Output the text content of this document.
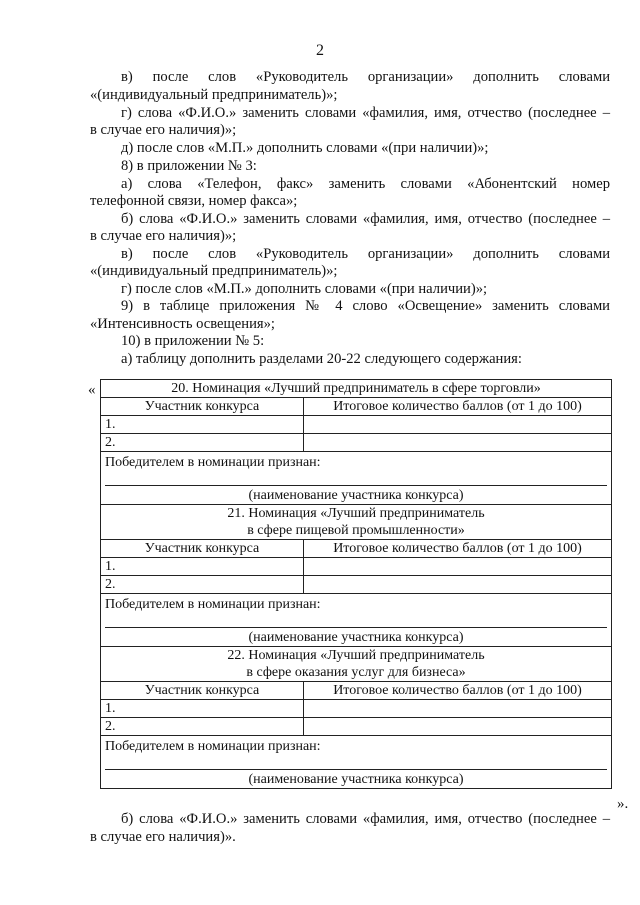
2
в) после слов «Руководитель организации» дополнить словами
«(индивидуальный предприниматель)»;
г) слова «Ф.И.О.» заменить словами «фамилия, имя, отчество (последнее –
в случае его наличия)»;
д) после слов «М.П.» дополнить словами «(при наличии)»;
8) в приложении № 3:
а) слова «Телефон, факс» заменить словами «Абонентский номер
телефонной связи, номер факса»;
б) слова «Ф.И.О.» заменить словами «фамилия, имя, отчество (последнее –
в случае его наличия)»;
в) после слов «Руководитель организации» дополнить словами
«(индивидуальный предприниматель)»;
г) после слов «М.П.» дополнить словами «(при наличии)»;
9) в таблице приложения № 4 слово «Освещение» заменить словами
«Интенсивность освещения»;
10) в приложении № 5:
а) таблицу дополнить разделами 20-22 следующего содержания:
«
».
20. Номинация «Лучший предприниматель в сфере торговли»	
Участник конкурса	Итоговое количество баллов (от 1 до 100)
1.	
2.	

Победителем в номинации признан:
(наименование участника конкурса)	

21. Номинация «Лучший предприниматель
в сфере пищевой промышленности»	

Участник конкурса	Итоговое количество баллов (от 1 до 100)
1.	
2.	

Победителем в номинации признан:
(наименование участника конкурса)	

22. Номинация «Лучший предприниматель
в сфере оказания услуг для бизнеса»	

Участник конкурса	Итоговое количество баллов (от 1 до 100)
1.	
2.	

Победителем в номинации признан:
(наименование участника конкурса)	
б) слова «Ф.И.О.» заменить словами «фамилия, имя, отчество (последнее –
в случае его наличия)».
